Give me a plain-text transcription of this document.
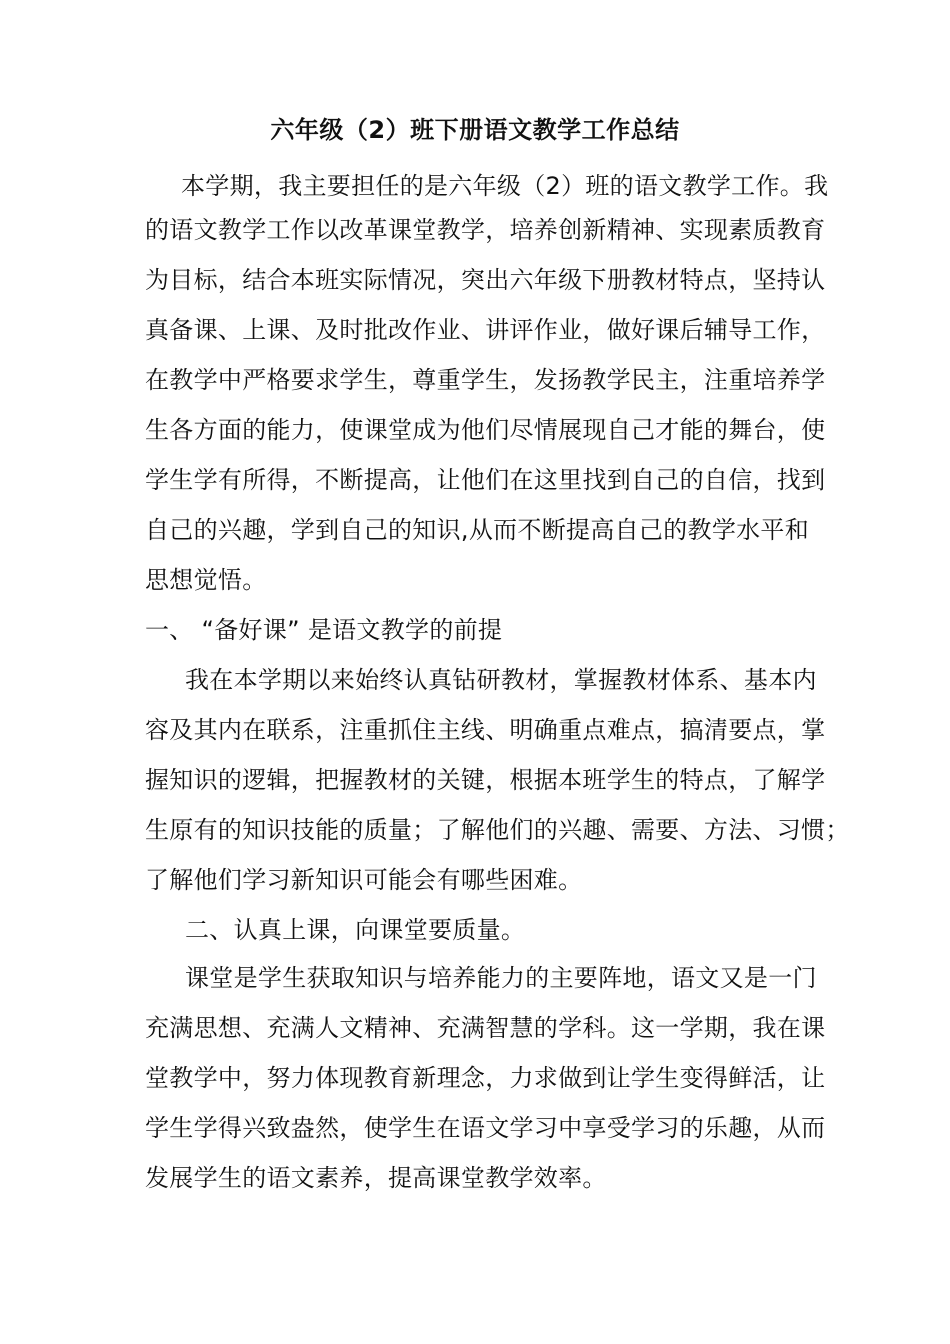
六年级（2）班下册语文教学工作总结
本学期，我主要担任的是六年级（2）班的语文教学工作。我
的语文教学工作以改革课堂教学，培养创新精神、实现素质教育
为目标，结合本班实际情况，突出六年级下册教材特点，坚持认
真备课、上课、及时批改作业、讲评作业，做好课后辅导工作，
在教学中严格要求学生，尊重学生，发扬教学民主，注重培养学
生各方面的能力，使课堂成为他们尽情展现自己才能的舞台，使
学生学有所得，不断提高，让他们在这里找到自己的自信，找到
自己的兴趣，学到自己的知识,从而不断提高自己的教学水平和
思想觉悟。
一、 “备好课” 是语文教学的前提
我在本学期以来始终认真钻研教材，掌握教材体系、基本内
容及其内在联系，注重抓住主线、明确重点难点，搞清要点，掌
握知识的逻辑，把握教材的关键，根据本班学生的特点，了解学
生原有的知识技能的质量；了解他们的兴趣、需要、方法、习惯；
了解他们学习新知识可能会有哪些困难。
二、认真上课，向课堂要质量。
课堂是学生获取知识与培养能力的主要阵地，语文又是一门
充满思想、充满人文精神、充满智慧的学科。这一学期，我在课
堂教学中，努力体现教育新理念，力求做到让学生变得鲜活，让
学生学得兴致盎然，使学生在语文学习中享受学习的乐趣，从而
发展学生的语文素养，提高课堂教学效率。
